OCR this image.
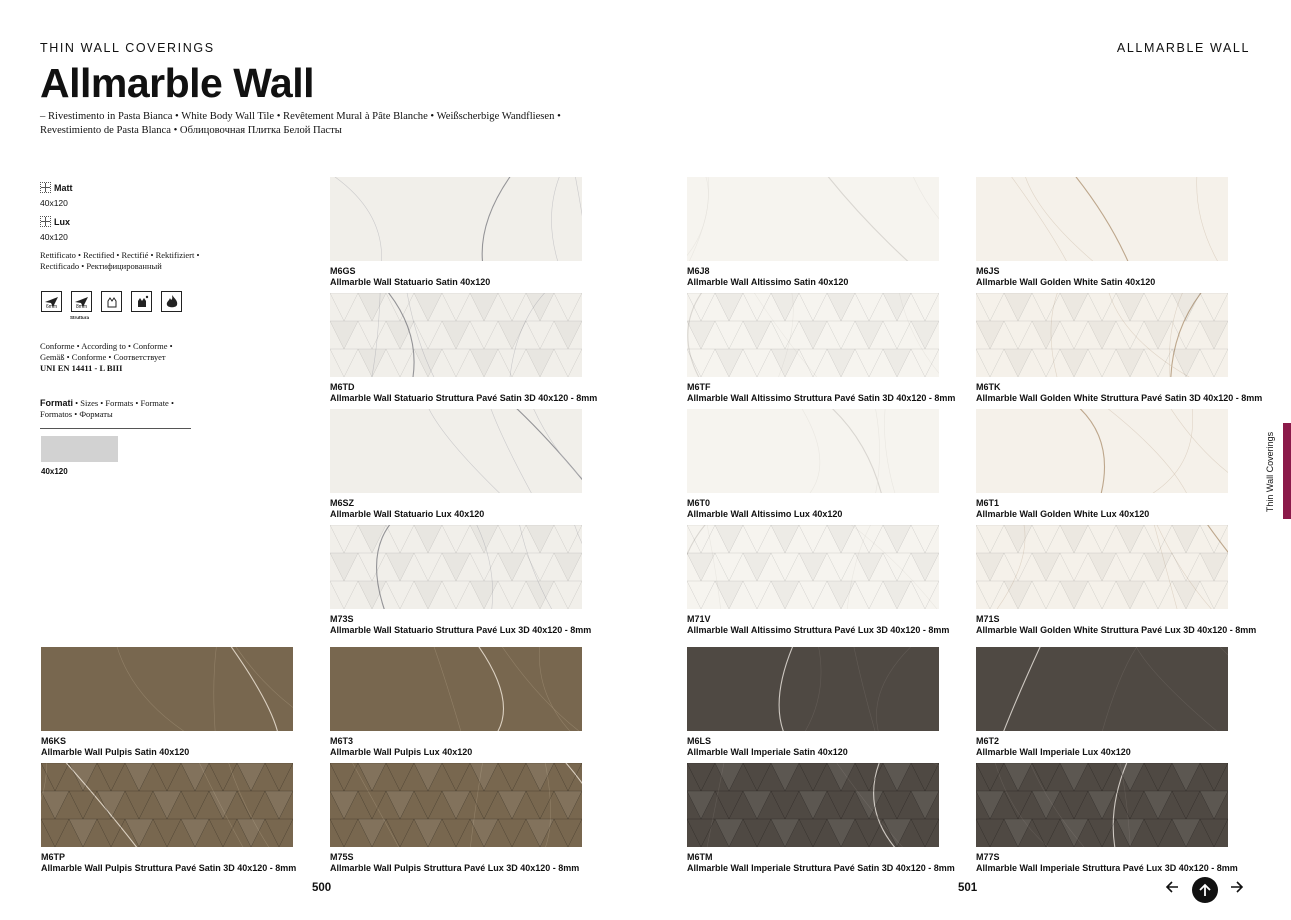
THIN WALL COVERINGS	ALLMARBLE WALL
Allmarble Wall
– Rivestimento in Pasta Bianca • White Body Wall Tile • Revêtement Mural à Pâte Blanche • Weißscherbige Wandfliesen •
Revestimiento de Pasta Blanca • Облицовочная Плитка Белой Пасты
Matt
40x120
Lux
40x120
Rettificato • Rectified • Rectifié • Rektifiziert •
Rectificado • Ректифицированный
6mm	8mm
Struttura
Conforme • According to • Conforme •
Gemäß • Conforme • Соответствует
UNI EN 14411 - L BIII
Formati • Sizes • Formats • Formate •
Formatos • Форматы
40x120
M6GS
Allmarble Wall Statuario Satin 40x120
M6J8
Allmarble Wall Altissimo Satin 40x120
M6JS
Allmarble Wall Golden White Satin 40x120
M6TD
Allmarble Wall Statuario Struttura Pavé Satin 3D 40x120 - 8mm
M6TF
Allmarble Wall Altissimo Struttura Pavé Satin 3D 40x120 - 8mm
M6TK
Allmarble Wall Golden White Struttura Pavé Satin 3D 40x120 - 8mm
M6SZ
Allmarble Wall Statuario Lux 40x120
M6T0
Allmarble Wall Altissimo Lux 40x120
M6T1
Allmarble Wall Golden White Lux 40x120
M73S
Allmarble Wall Statuario Struttura Pavé Lux 3D 40x120 - 8mm
M71V
Allmarble Wall Altissimo Struttura Pavé Lux 3D 40x120 - 8mm
M71S
Allmarble Wall Golden White Struttura Pavé Lux 3D 40x120 - 8mm
M6KS
Allmarble Wall Pulpis Satin 40x120
M6T3
Allmarble Wall Pulpis Lux 40x120
M6LS
Allmarble Wall Imperiale Satin 40x120
M6T2
Allmarble Wall Imperiale Lux 40x120
M6TP
Allmarble Wall Pulpis Struttura Pavé Satin 3D 40x120 - 8mm
M75S
Allmarble Wall Pulpis Struttura Pavé Lux 3D 40x120 - 8mm
M6TM
Allmarble Wall Imperiale Struttura Pavé Satin 3D 40x120 - 8mm
M77S
Allmarble Wall Imperiale Struttura Pavé Lux 3D 40x120 - 8mm
500	501
Thin Wall Coverings
